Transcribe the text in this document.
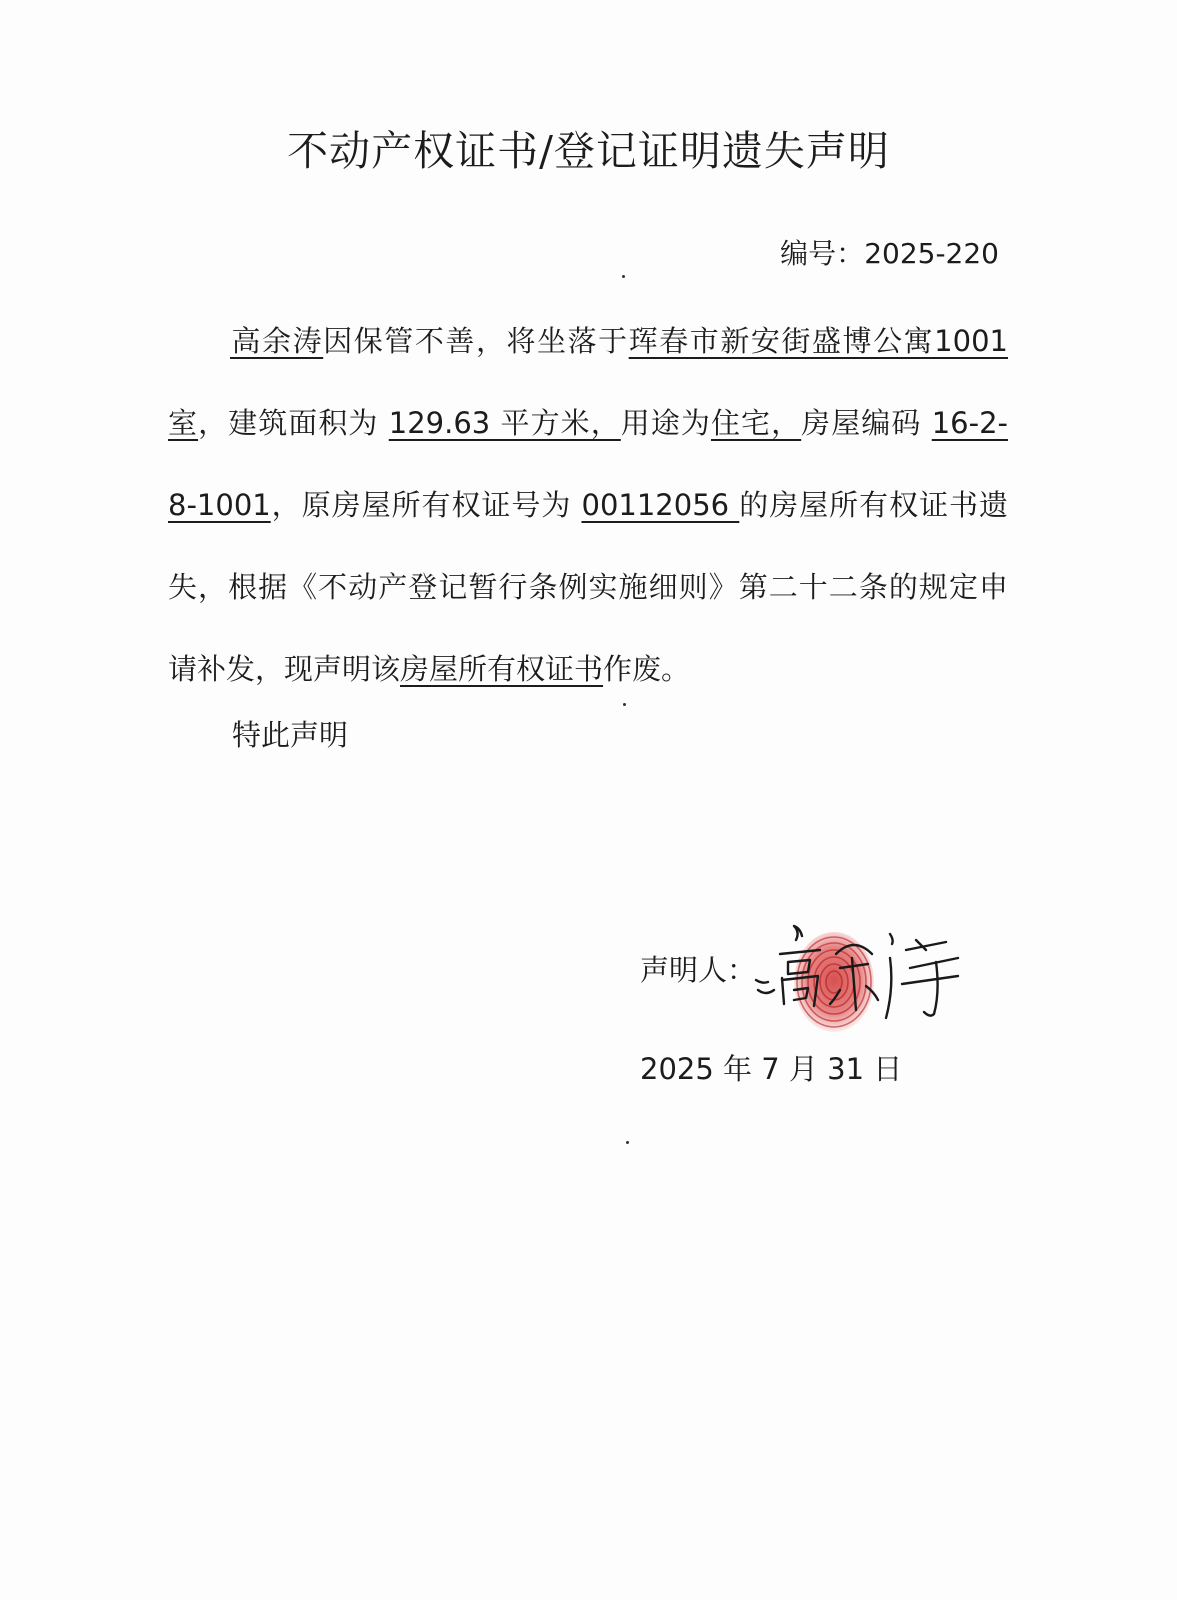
不动产权证书/登记证明遗失声明
编号：2025-220
高余涛因保管不善，将坐落于珲春市新安街盛博公寓1001 室，建筑面积为 129.63 平方米，用途为住宅，房屋编码 16-2-8-1001，原房屋所有权证号为 00112056 的房屋所有权证书遗失，根据《不动产登记暂行条例实施细则》第二十二条的规定申请补发，现声明该房屋所有权证书作废。
特此声明
声明人：
2025 年 7 月 31 日
